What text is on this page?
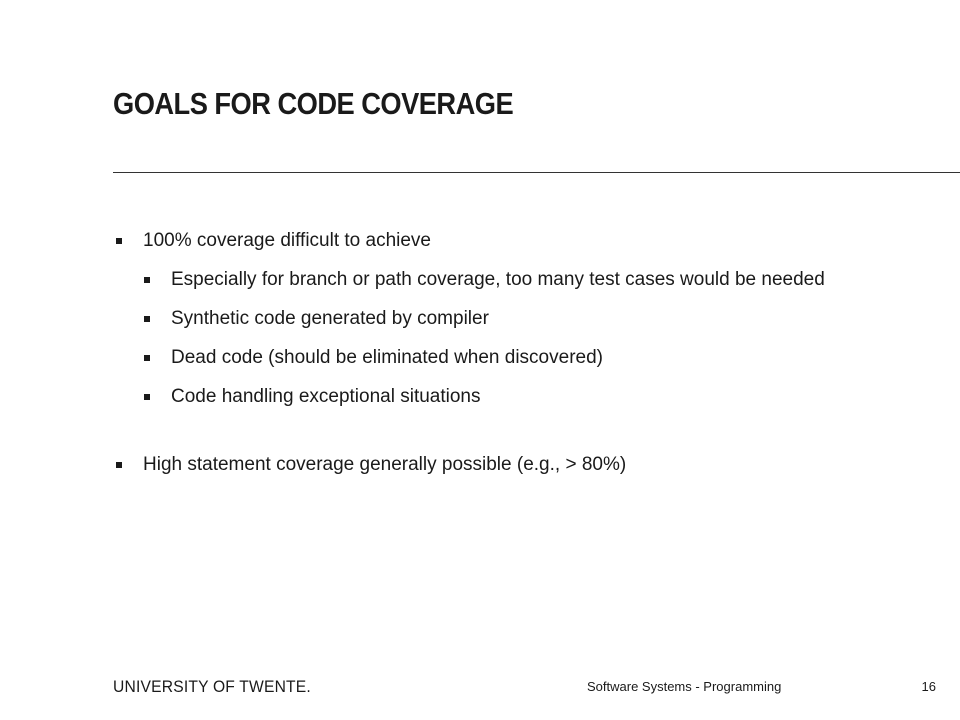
GOALS FOR CODE COVERAGE
100% coverage difficult to achieve
Especially for branch or path coverage, too many test cases would be needed
Synthetic code generated by compiler
Dead code (should be eliminated when discovered)
Code handling exceptional situations
High statement coverage generally possible (e.g., > 80%)
UNIVERSITY OF TWENTE.	Software Systems - Programming	16
